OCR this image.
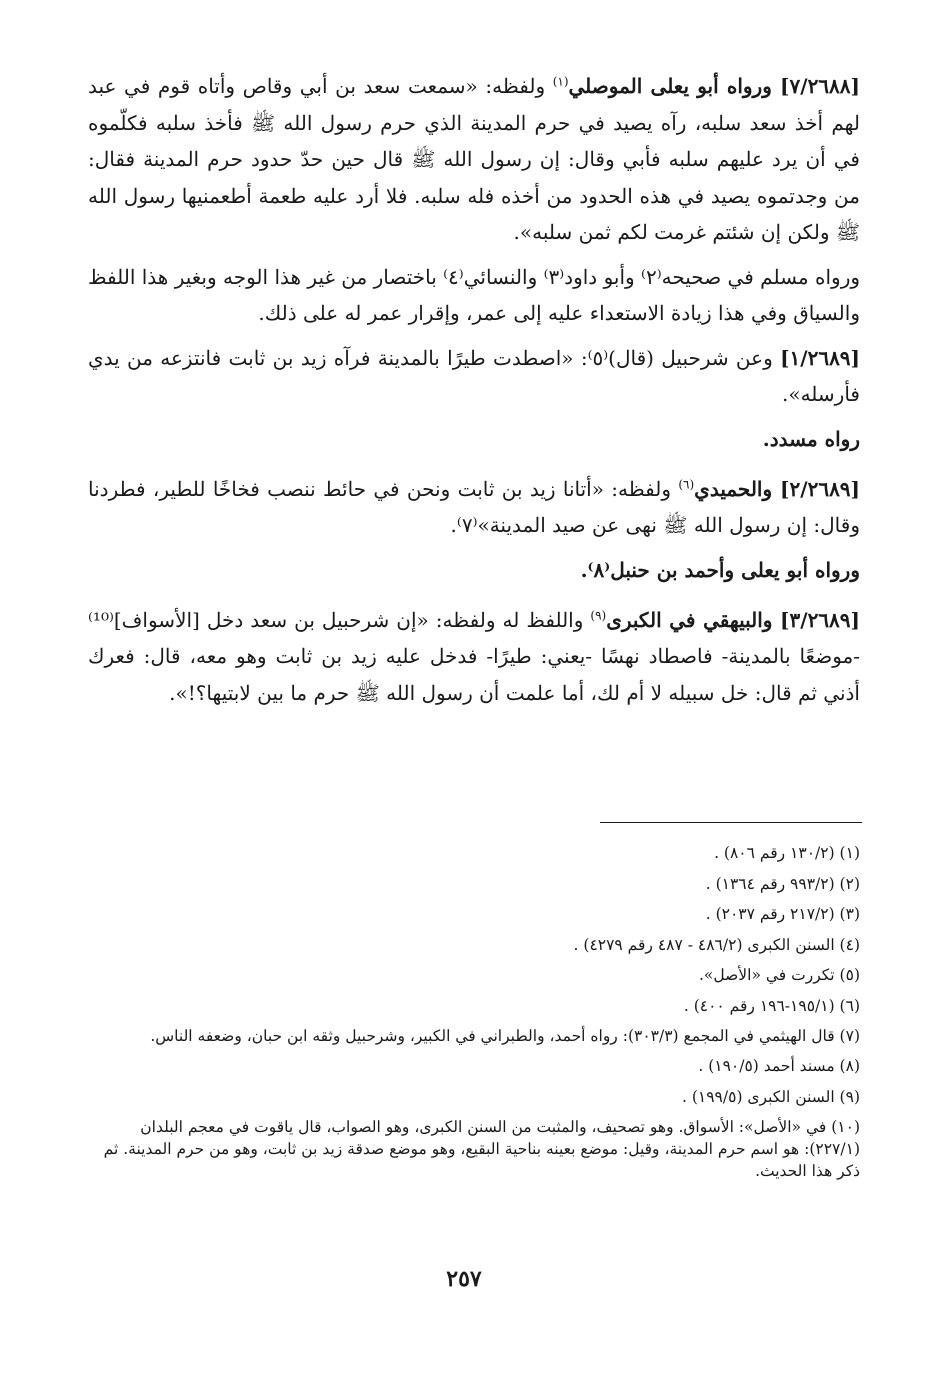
[٧/٢٦٨٨] ورواه أبو يعلى الموصلي$^{(١)}$ ولفظه: «سمعت سعد بن أبي وقاص وأتاه قوم في عبد لهم أخذ سعد سلبه، رآه يصيد في حرم المدينة الذي حرم رسول الله ﷺ فأخذ سلبه فكلّموه في أن يرد عليهم سلبه فأبي وقال: إن رسول الله ﷺ قال حين حدّ حدود حرم المدينة فقال: من وجدتموه يصيد في هذه الحدود من أخذه فله سلبه. فلا أرد عليه طعمة أطعمنيها رسول الله ﷺ ولكن إن شئتم غرمت لكم ثمن سلبه».

ورواه مسلم في صحيحه⁽٢⁾ وأبو داود⁽٣⁾ والنسائي⁽٤⁾ باختصار من غير هذا الوجه وبغير هذا اللفظ والسياق وفي هذا زيادة الاستعداء عليه إلى عمر، وإقرار عمر له على ذلك.

[١/٢٦٨٩] وعن شرحبيل (قال)⁽٥⁾: «اصطدت طيرًا بالمدينة فرآه زيد بن ثابت فانتزعه من يدي فأرسله».

رواه مسدد.

[٢/٢٦٨٩] والحميدي$^{(٦)}$ ولفظه: «أتانا زيد بن ثابت ونحن في حائط ننصب فخاخًا للطير، فطردنا وقال: إن رسول الله ﷺ نهى عن صيد المدينة»⁽٧⁾.

ورواه أبو يعلى وأحمد بن حنبل⁽٨⁾.

[٣/٢٦٨٩] والبيهقي في الكبرى$^{(٩)}$ واللفظ له ولفظه: «إن شرحبيل بن سعد دخل [الأسواف]⁽¹⁰⁾ -موضعًا بالمدينة- فاصطاد نهسًا -يعني: طيرًا- فدخل عليه زيد بن ثابت وهو معه، قال: فعرك أذني ثم قال: خل سبيله لا أم لك، أما علمت أن رسول الله ﷺ حرم ما بين لابتيها؟!».

(١) (١٣٠/٢ رقم ٨٠٦) .
(٢) (٩٩٣/٢ رقم ١٣٦٤) .
(٣) (٢١٧/٢ رقم ٢٠٣٧) .
(٤) السنن الكبرى (٤٨٦/٢ - ٤٨٧ رقم ٤٢٧٩) .
(٥) تكررت في «الأصل».
(٦) (١٩٥/١-١٩٦ رقم ٤٠٠) .
(٧) قال الهيثمي في المجمع (٣٠٣/٣): رواه أحمد، والطبراني في الكبير، وشرحبيل وثقه ابن حبان، وضعفه الناس.
(٨) مسند أحمد (١٩٠/٥) .
(٩) السنن الكبرى (١٩٩/٥) .
(١٠) في «الأصل»: الأسواق. وهو تصحيف، والمثبت من السنن الكبرى، وهو الصواب، قال ياقوت في معجم البلدان (٢٢٧/١): هو اسم حرم المدينة، وقيل: موضع بعينه بناحية البقيع، وهو موضع صدقة زيد بن ثابت، وهو من حرم المدينة. ثم ذكر هذا الحديث.
٢٥٧
